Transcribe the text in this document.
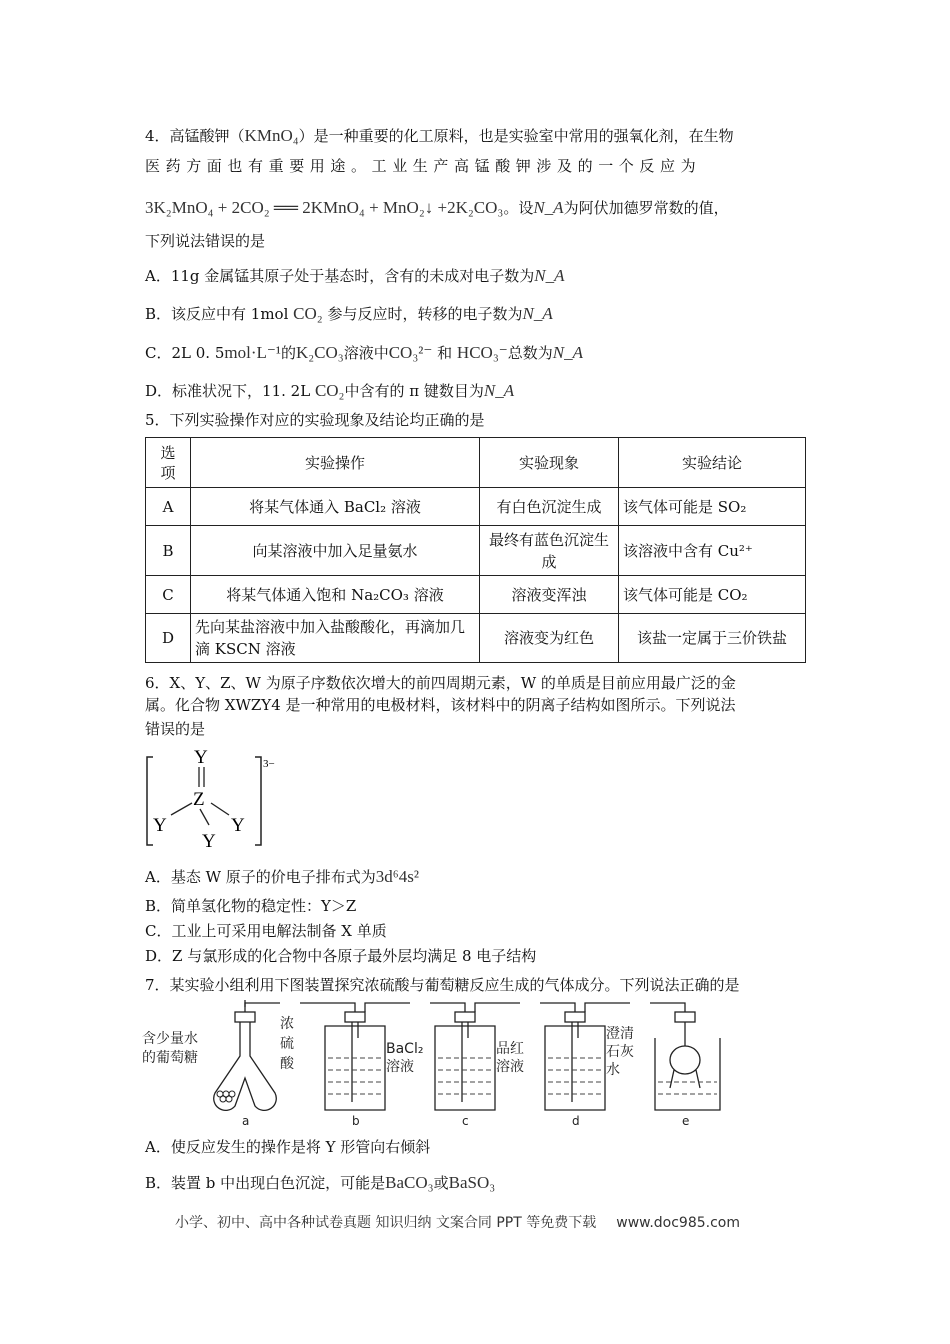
4．高锰酸钾（KMnO₄）是一种重要的化工原料，也是实验室中常用的强氧化剂，在生物
医药方面也有重要用途。工业生产高锰酸钾涉及的一个反应为
3K₂MnO₄ + 2CO₂ ══ 2KMnO₄ + MnO₂↓ +2K₂CO₃。设N_A为阿伏加德罗常数的值，
下列说法错误的是
A．11g 金属锰其原子处于基态时，含有的未成对电子数为N_A
B．该反应中有 1mol CO₂ 参与反应时，转移的电子数为N_A
C．2L 0. 5mol·L⁻¹的K₂CO₃溶液中CO₃²⁻ 和 HCO₃⁻总数为N_A
D．标准状况下，11. 2L CO₂中含有的 π 键数目为N_A
5．下列实验操作对应的实验现象及结论均正确的是
选
项	实验操作	实验现象	实验结论
A	将某气体通入 BaCl₂ 溶液	有白色沉淀生成	该气体可能是 SO₂
B	向某溶液中加入足量氨水	最终有蓝色沉淀生成	该溶液中含有 Cu²⁺
C	将某气体通入饱和 Na₂CO₃ 溶液	溶液变浑浊	该气体可能是 CO₂
D	先向某盐溶液中加入盐酸酸化，再滴加几滴 KSCN 溶液	溶液变为红色	该盐一定属于三价铁盐
6．X、Y、Z、W 为原子序数依次增大的前四周期元素，W 的单质是目前应用最广泛的金
属。化合物 XWZY4 是一种常用的电极材料，该材料中的阴离子结构如图所示。下列说法
错误的是
3−
Y
Z
Y	Y
Y
A．基态 W 原子的价电子排布式为3d⁶4s²
B．简单氢化物的稳定性：Y＞Z
C．工业上可采用电解法制备 X 单质
D．Z 与氯形成的化合物中各原子最外层均满足 8 电子结构
7．某实验小组利用下图装置探究浓硫酸与葡萄糖反应生成的气体成分。下列说法正确的是
含少量水
的葡萄糖
浓
硫
酸
BaCl₂
溶液
品红
溶液
澄清
石灰
水
a	b	c	d	e
A．使反应发生的操作是将 Y 形管向右倾斜
B．装置 b 中出现白色沉淀，可能是BaCO₃或BaSO₃
小学、初中、高中各种试卷真题 知识归纳 文案合同 PPT 等免费下载 www.doc985.com
